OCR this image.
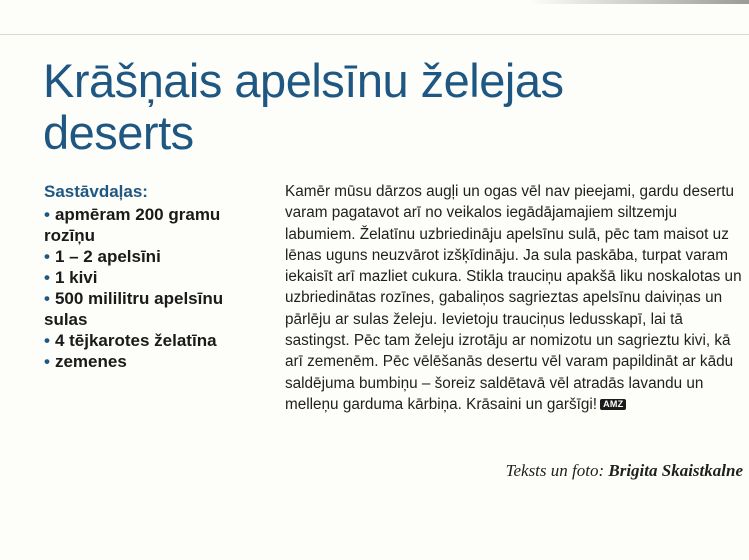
Krāšņais apelsīnu želejas deserts
Sastāvdaļas:
• apmēram 200 gramu rozīņu
• 1 – 2 apelsīni
• 1 kivi
• 500 mililitru apelsīnu sulas
• 4 tējkarotes želatīna
• zemenes

Kamēr mūsu dārzos augļi un ogas vēl nav pieejami, gardu desertu varam pagatavot arī no veikalos iegādājamajiem siltzemju labumiem. Želatīnu uzbriedināju apelsīnu sulā, pēc tam maisot uz lēnas uguns neuzvārot izšķīdināju. Ja sula paskāba, turpat varam iekaisīt arī mazliet cukura. Stikla trauciņu apakšā liku noskalotas un uzbriedinātas rozīnes, gabaliņos sagrieztas apelsīnu daiviņas un pārlēju ar sulas želeju. Ievietoju trauciņus ledusskapī, lai tā sastingst. Pēc tam želeju izrotāju ar nomizotu un sagrieztu kivi, kā arī zemenēm. Pēc vēlēšanās desertu vēl varam papildināt ar kādu saldējuma bumbiņu – šoreiz saldētavā vēl atradās lavandu un melleņu garduma kārbiņa. Krāsaini un garšīgi! AMZ

Teksts un foto: Brigita Skaistkalne
